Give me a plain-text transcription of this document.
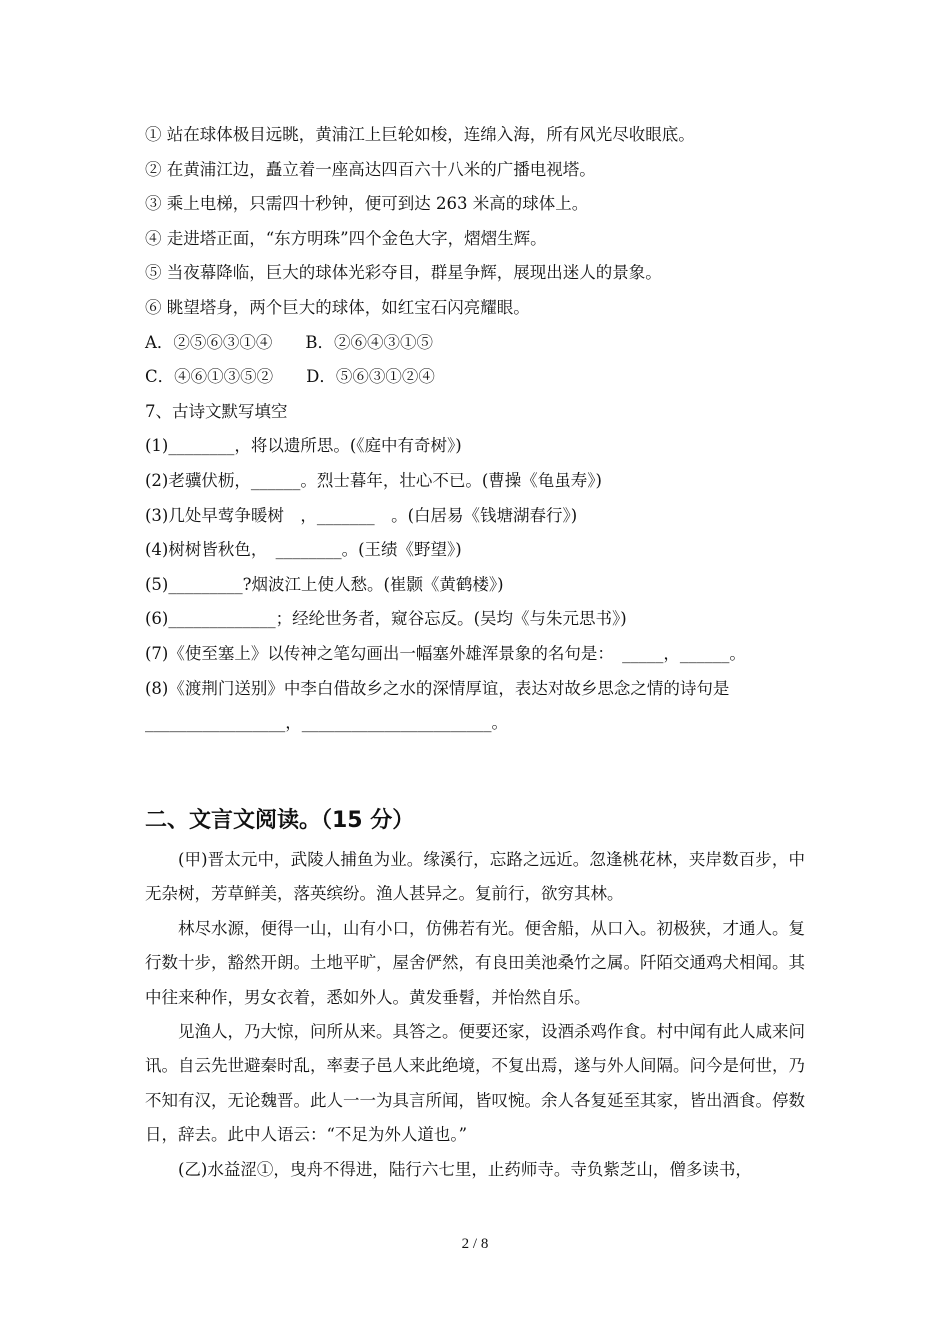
① 站在球体极目远眺，黄浦江上巨轮如梭，连绵入海，所有风光尽收眼底。
② 在黄浦江边，矗立着一座高达四百六十八米的广播电视塔。
③ 乘上电梯，只需四十秒钟，便可到达 263 米高的球体上。
④ 走进塔正面，“东方明珠”四个金色大字，熠熠生辉。
⑤ 当夜幕降临，巨大的球体光彩夺目，群星争辉，展现出迷人的景象。
⑥ 眺望塔身，两个巨大的球体，如红宝石闪亮耀眼。
A．②⑤⑥③①④　　B．②⑥④③①⑤
C．④⑥①③⑤②　　D．⑤⑥③①②④
7、古诗文默写填空
(1)________，将以遗所思。(《庭中有奇树》)
(2)老骥伏枥，______。烈士暮年，壮心不已。(曹操《龟虽寿》)
(3)几处早莺争暖树　，_______　。(白居易《钱塘湖春行》)
(4)树树皆秋色，　________。(王绩《野望》)
(5)_________?烟波江上使人愁。(崔颢《黄鹤楼》)
(6)_____________；经纶世务者，窥谷忘反。(吴均《与朱元思书》)
(7)《使至塞上》以传神之笔勾画出一幅塞外雄浑景象的名句是：　_____，______。
(8)《渡荆门送别》中李白借故乡之水的深情厚谊，表达对故乡思念之情的诗句是
_________________，_______________________。
二、文言文阅读。（15 分）

(甲)晋太元中，武陵人捕鱼为业。缘溪行，忘路之远近。忽逢桃花林，夹岸数百步，中无杂树，芳草鲜美，落英缤纷。渔人甚异之。复前行，欲穷其林。

林尽水源，便得一山，山有小口，仿佛若有光。便舍船，从口入。初极狭，才通人。复行数十步，豁然开朗。土地平旷，屋舍俨然，有良田美池桑竹之属。阡陌交通鸡犬相闻。其中往来种作，男女衣着，悉如外人。黄发垂髫，并怡然自乐。

见渔人，乃大惊，问所从来。具答之。便要还家，设酒杀鸡作食。村中闻有此人咸来问讯。自云先世避秦时乱，率妻子邑人来此绝境，不复出焉，遂与外人间隔。问今是何世，乃不知有汉，无论魏晋。此人一一为具言所闻，皆叹惋。余人各复延至其家，皆出酒食。停数日，辞去。此中人语云：“不足为外人道也。”

(乙)水益涩①，曳舟不得进，陆行六七里，止药师寺。寺负紫芝山，僧多读书，

2 / 8
